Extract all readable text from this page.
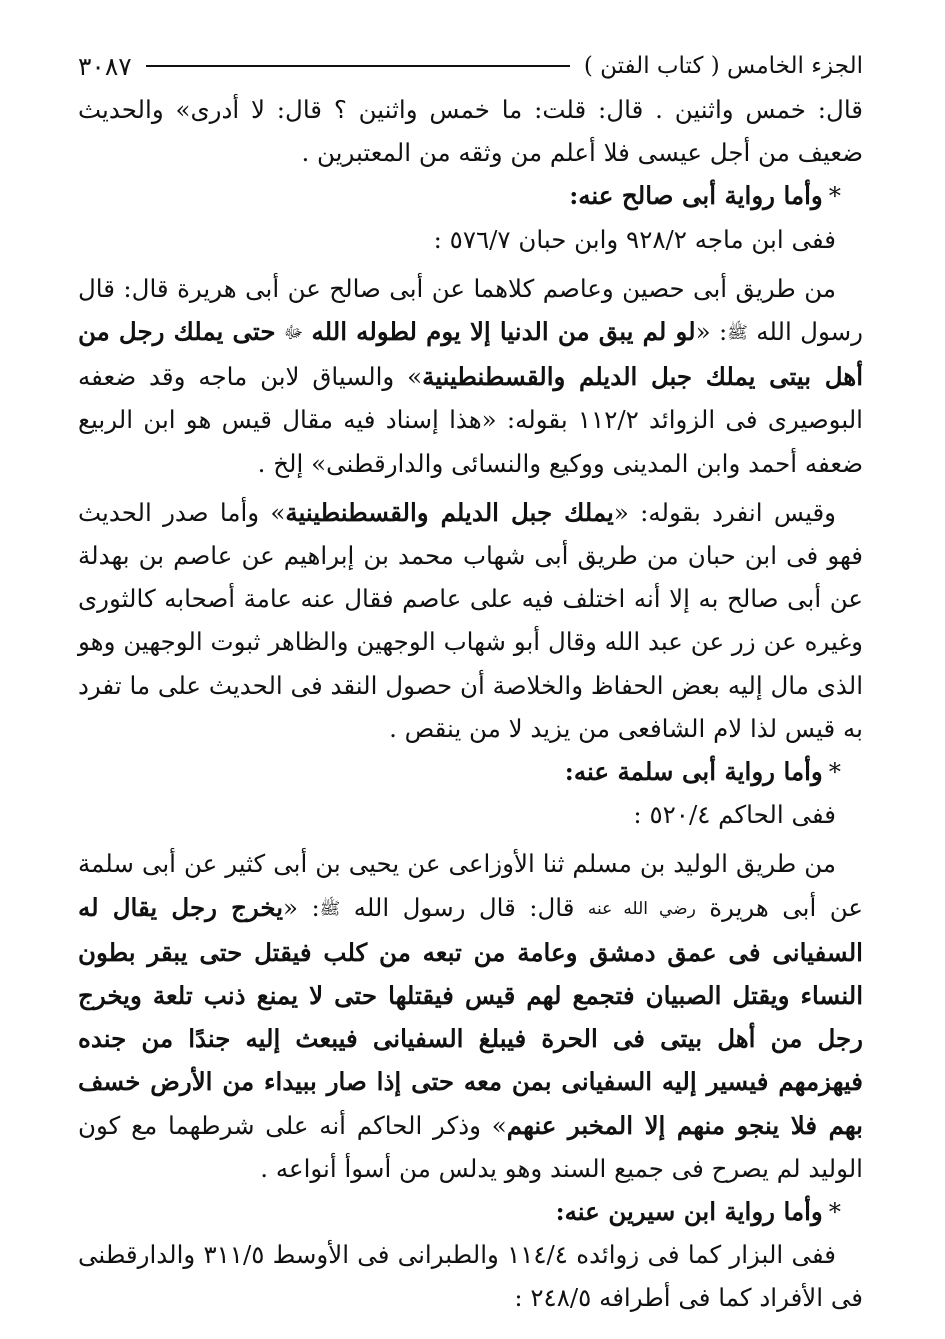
الجزء الخامس ( كتاب الفتن )
٣٠٨٧

قال: خمس واثنين . قال: قلت: ما خمس واثنين ؟ قال: لا أدرى» والحديث ضعيف من أجل عيسى فلا أعلم من وثقه من المعتبرين .

*وأما رواية أبى صالح عنه:

ففى ابن ماجه ٩٢٨/٢ وابن حبان ٥٧٦/٧ :

من طريق أبى حصين وعاصم كلاهما عن أبى صالح عن أبى هريرة قال: قال رسول الله ﷺ: «لو لم يبق من الدنيا إلا يوم لطوله الله ﷻ حتى يملك رجل من أهل بيتى يملك جبل الديلم والقسطنطينية» والسياق لابن ماجه وقد ضعفه البوصيرى فى الزوائد ١١٢/٢ بقوله: «هذا إسناد فيه مقال قيس هو ابن الربيع ضعفه أحمد وابن المدينى ووكيع والنسائى والدارقطنى» إلخ .

وقيس انفرد بقوله: «يملك جبل الديلم والقسطنطينية» وأما صدر الحديث فهو فى ابن حبان من طريق أبى شهاب محمد بن إبراهيم عن عاصم بن بهدلة عن أبى صالح به إلا أنه اختلف فيه على عاصم فقال عنه عامة أصحابه كالثورى وغيره عن زر عن عبد الله وقال أبو شهاب الوجهين والظاهر ثبوت الوجهين وهو الذى مال إليه بعض الحفاظ والخلاصة أن حصول النقد فى الحديث على ما تفرد به قيس لذا لام الشافعى من يزيد لا من ينقص .

*وأما رواية أبى سلمة عنه:

ففى الحاكم ٥٢٠/٤ :

من طريق الوليد بن مسلم ثنا الأوزاعى عن يحيى بن أبى كثير عن أبى سلمة عن أبى هريرة رضي الله عنه قال: قال رسول الله ﷺ: «يخرج رجل يقال له السفيانى فى عمق دمشق وعامة من تبعه من كلب فيقتل حتى يبقر بطون النساء ويقتل الصبيان فتجمع لهم قيس فيقتلها حتى لا يمنع ذنب تلعة ويخرج رجل من أهل بيتى فى الحرة فيبلغ السفيانى فيبعث إليه جندًا من جنده فيهزمهم فيسير إليه السفيانى بمن معه حتى إذا صار ببيداء من الأرض خسف بهم فلا ينجو منهم إلا المخبر عنهم» وذكر الحاكم أنه على شرطهما مع كون الوليد لم يصرح فى جميع السند وهو يدلس من أسوأ أنواعه .

*وأما رواية ابن سيرين عنه:

ففى البزار كما فى زوائده ١١٤/٤ والطبرانى فى الأوسط ٣١١/٥ والدارقطنى فى الأفراد كما فى أطرافه ٢٤٨/٥ :
